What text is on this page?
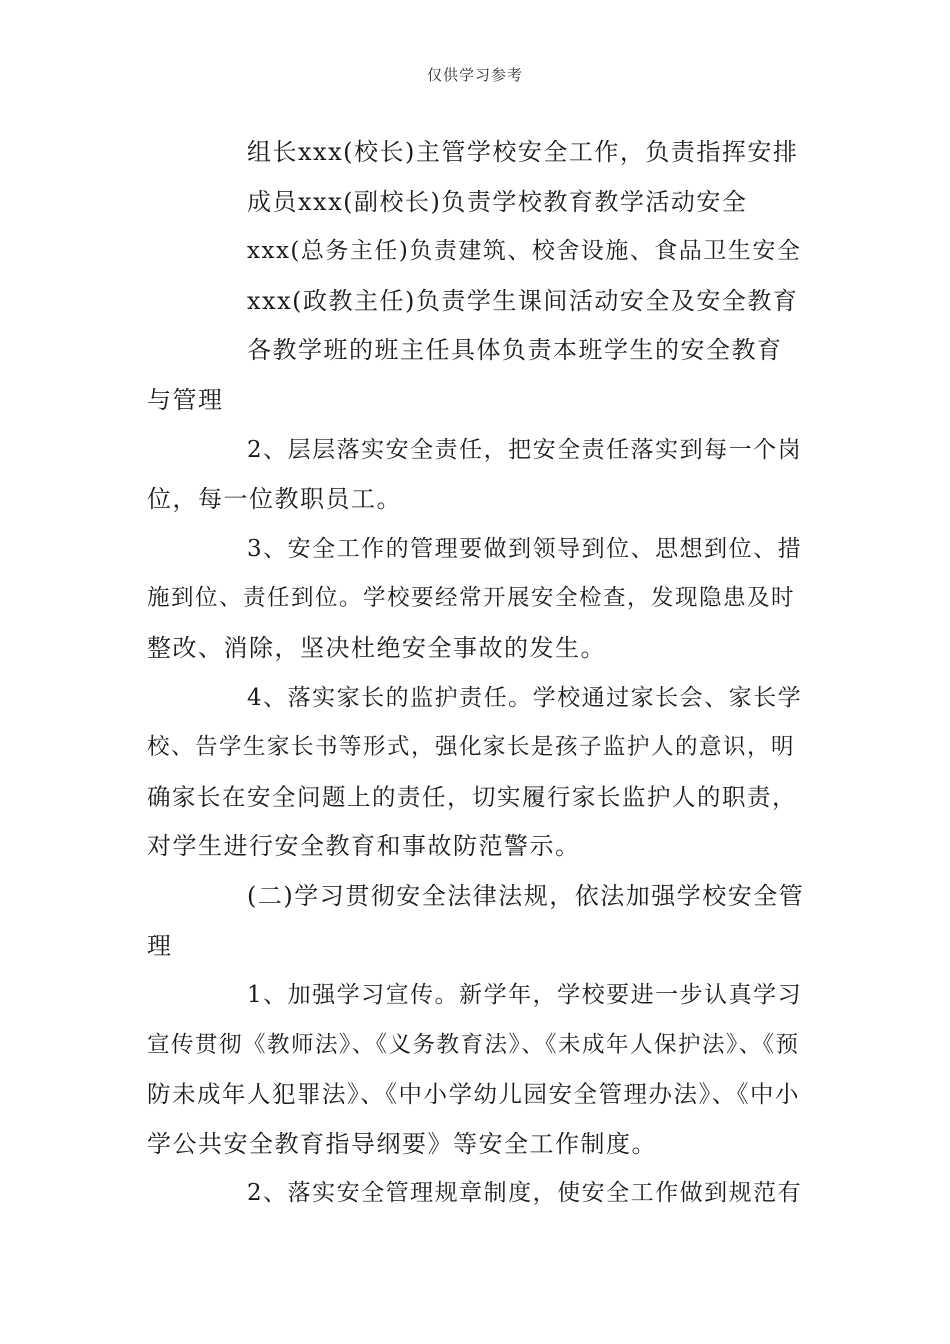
仅供学习参考
组长xxx(校长)主管学校安全工作，负责指挥安排
成员xxx(副校长)负责学校教育教学活动安全
xxx(总务主任)负责建筑、校舍设施、食品卫生安全
xxx(政教主任)负责学生课间活动安全及安全教育
各教学班的班主任具体负责本班学生的安全教育
与管理
2、层层落实安全责任，把安全责任落实到每一个岗
位，每一位教职员工。
3、安全工作的管理要做到领导到位、思想到位、措
施到位、责任到位。学校要经常开展安全检查，发现隐患及时
整改、消除，坚决杜绝安全事故的发生。
4、落实家长的监护责任。学校通过家长会、家长学
校、告学生家长书等形式，强化家长是孩子监护人的意识，明
确家长在安全问题上的责任，切实履行家长监护人的职责，
对学生进行安全教育和事故防范警示。
(二)学习贯彻安全法律法规，依法加强学校安全管
理
1、加强学习宣传。新学年，学校要进一步认真学习
宣传贯彻《教师法》、《义务教育法》、《未成年人保护法》、《预
防未成年人犯罪法》、《中小学幼儿园安全管理办法》、《中小
学公共安全教育指导纲要》等安全工作制度。
2、落实安全管理规章制度，使安全工作做到规范有
